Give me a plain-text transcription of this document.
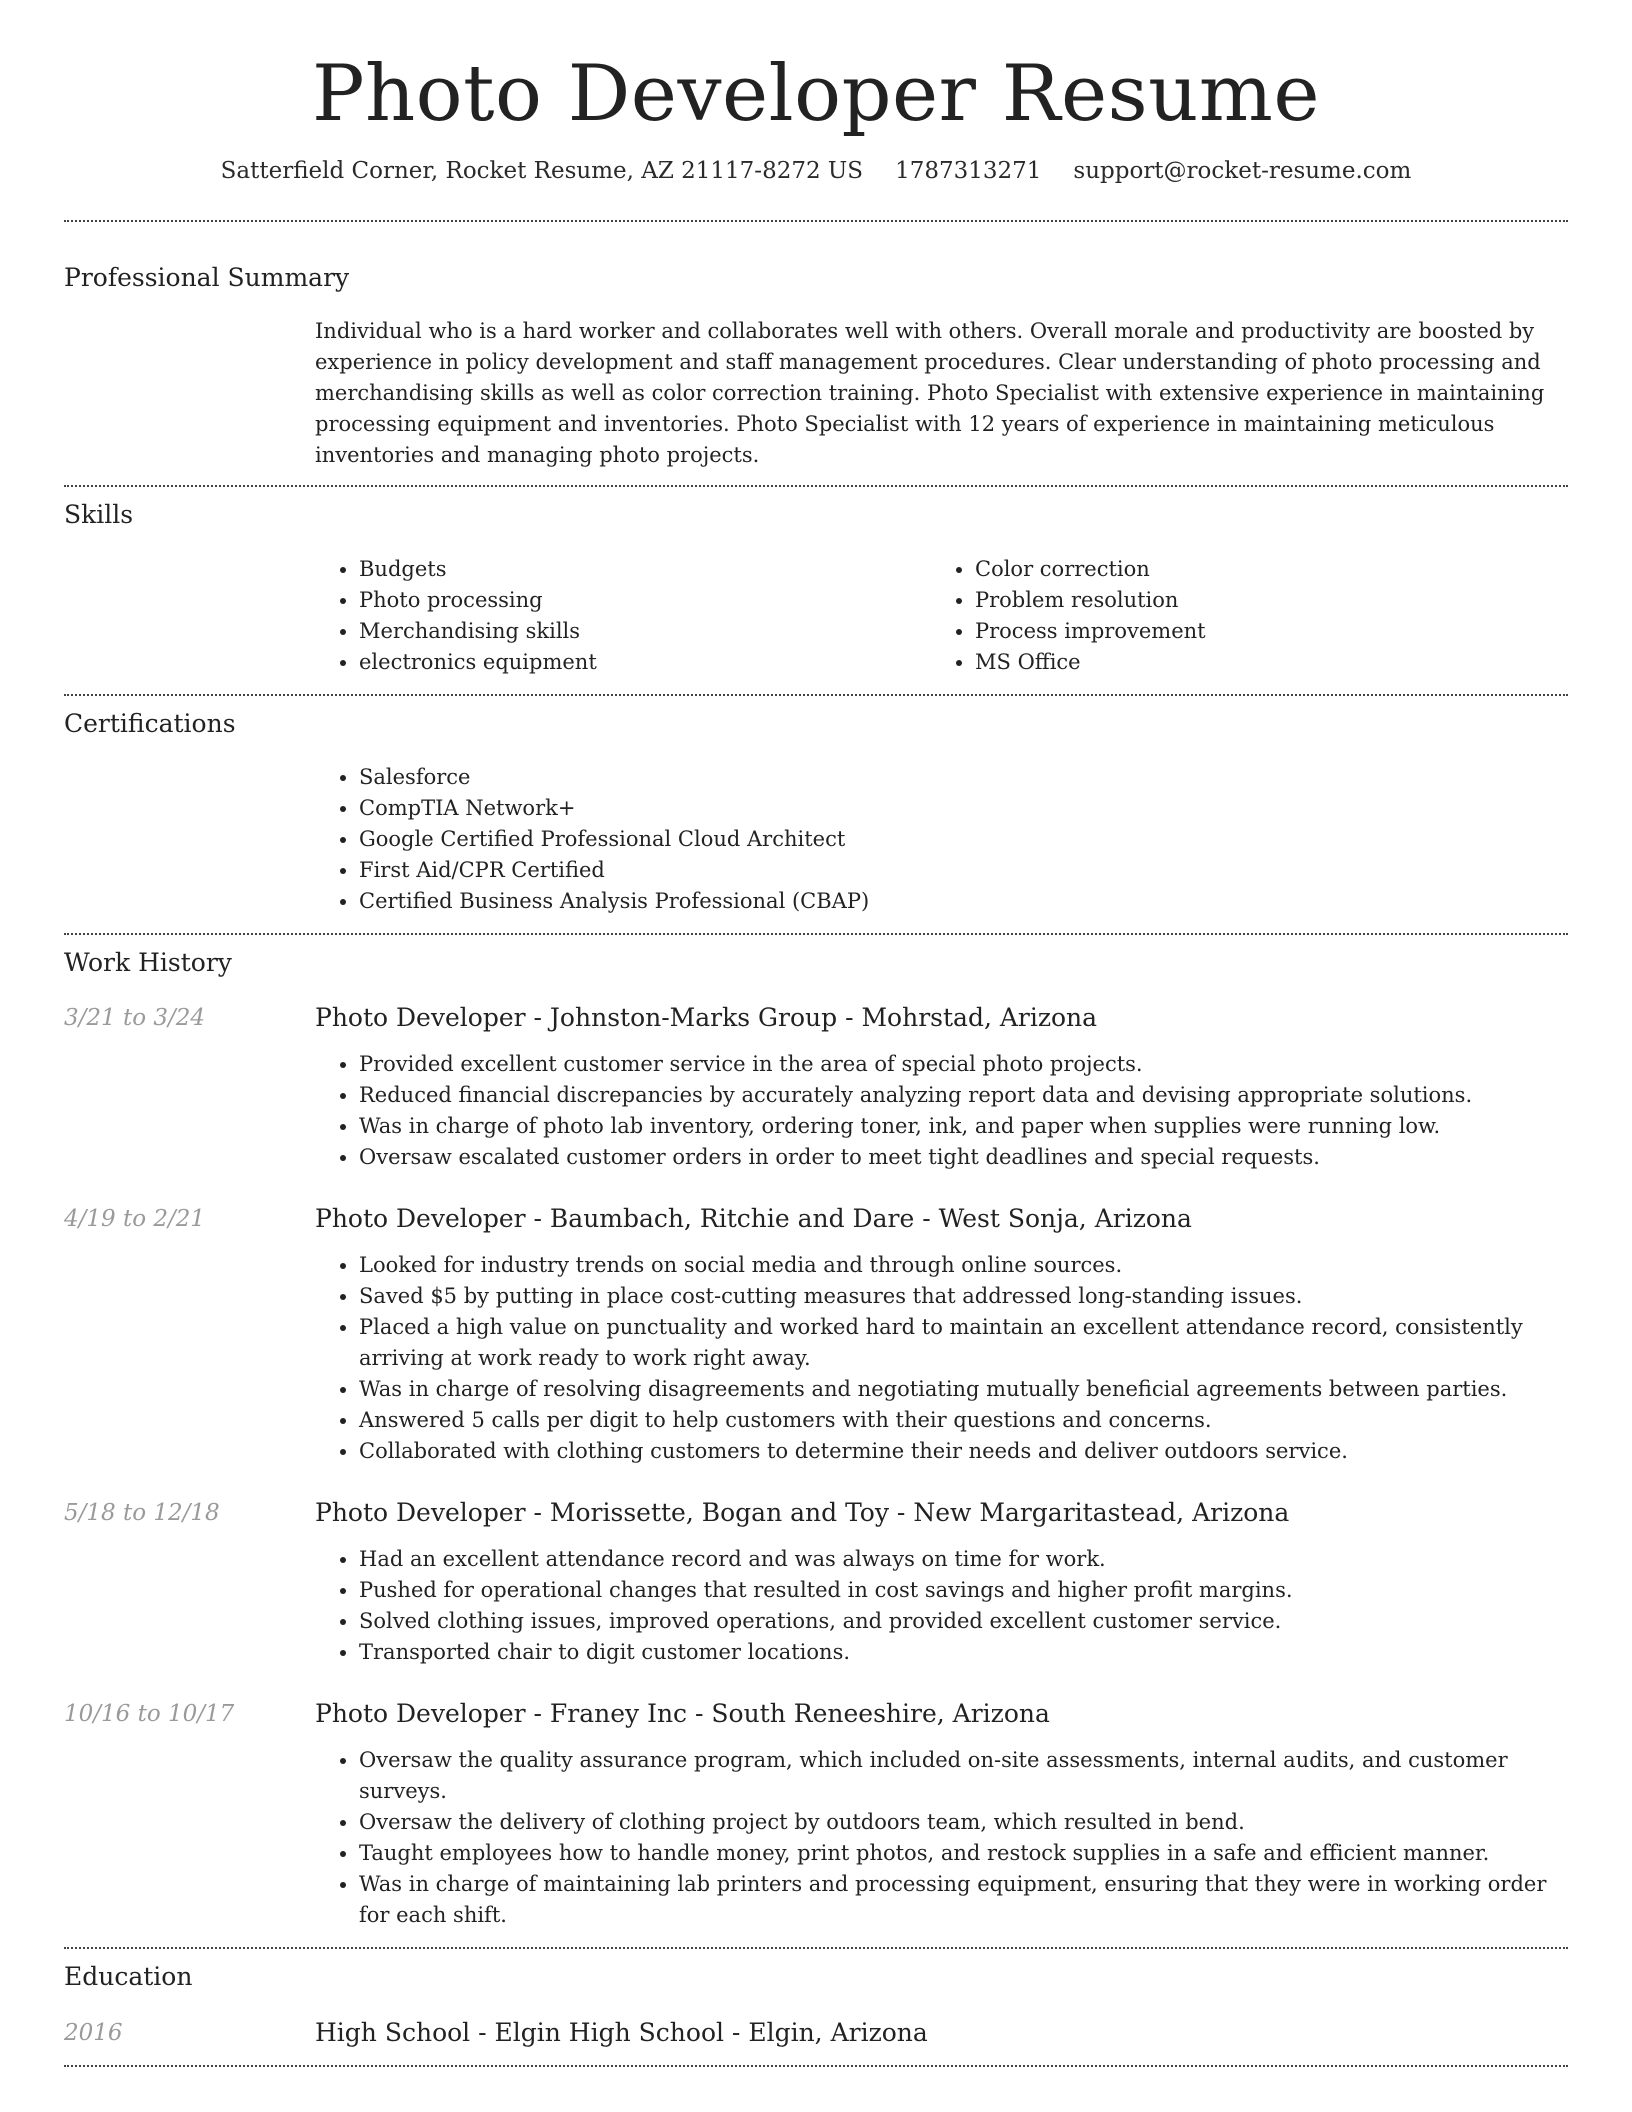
Photo Developer Resume
Satterfield Corner, Rocket Resume, AZ 21117-8272 US 1787313271 support@rocket-resume.com
Professional Summary

Individual who is a hard worker and collaborates well with others. Overall morale and productivity are boosted by experience in policy development and staff management procedures. Clear understanding of photo processing and merchandising skills as well as color correction training. Photo Specialist with extensive experience in maintaining processing equipment and inventories. Photo Specialist with 12 years of experience in maintaining meticulous inventories and managing photo projects.

Skills
• Budgets
• Photo processing
• Merchandising skills
• electronics equipment
• Color correction
• Problem resolution
• Process improvement
• MS Office
Certifications
• Salesforce
• CompTIA Network+
• Google Certified Professional Cloud Architect
• First Aid/CPR Certified
• Certified Business Analysis Professional (CBAP)
Work History
3/21 to 3/24	Photo Developer - Johnston-Marks Group - Mohrstad, Arizona
• Provided excellent customer service in the area of special photo projects.
• Reduced financial discrepancies by accurately analyzing report data and devising appropriate solutions.
• Was in charge of photo lab inventory, ordering toner, ink, and paper when supplies were running low.
• Oversaw escalated customer orders in order to meet tight deadlines and special requests.
4/19 to 2/21	Photo Developer - Baumbach, Ritchie and Dare - West Sonja, Arizona
• Looked for industry trends on social media and through online sources.
• Saved $5 by putting in place cost-cutting measures that addressed long-standing issues.
• Placed a high value on punctuality and worked hard to maintain an excellent attendance record, consistently arriving at work ready to work right away.
• Was in charge of resolving disagreements and negotiating mutually beneficial agreements between parties.
• Answered 5 calls per digit to help customers with their questions and concerns.
• Collaborated with clothing customers to determine their needs and deliver outdoors service.
5/18 to 12/18	Photo Developer - Morissette, Bogan and Toy - New Margaritastead, Arizona
• Had an excellent attendance record and was always on time for work.
• Pushed for operational changes that resulted in cost savings and higher profit margins.
• Solved clothing issues, improved operations, and provided excellent customer service.
• Transported chair to digit customer locations.
10/16 to 10/17	Photo Developer - Franey Inc - South Reneeshire, Arizona
• Oversaw the quality assurance program, which included on-site assessments, internal audits, and customer surveys.
• Oversaw the delivery of clothing project by outdoors team, which resulted in bend.
• Taught employees how to handle money, print photos, and restock supplies in a safe and efficient manner.
• Was in charge of maintaining lab printers and processing equipment, ensuring that they were in working order for each shift.
Education
2016	High School - Elgin High School - Elgin, Arizona
